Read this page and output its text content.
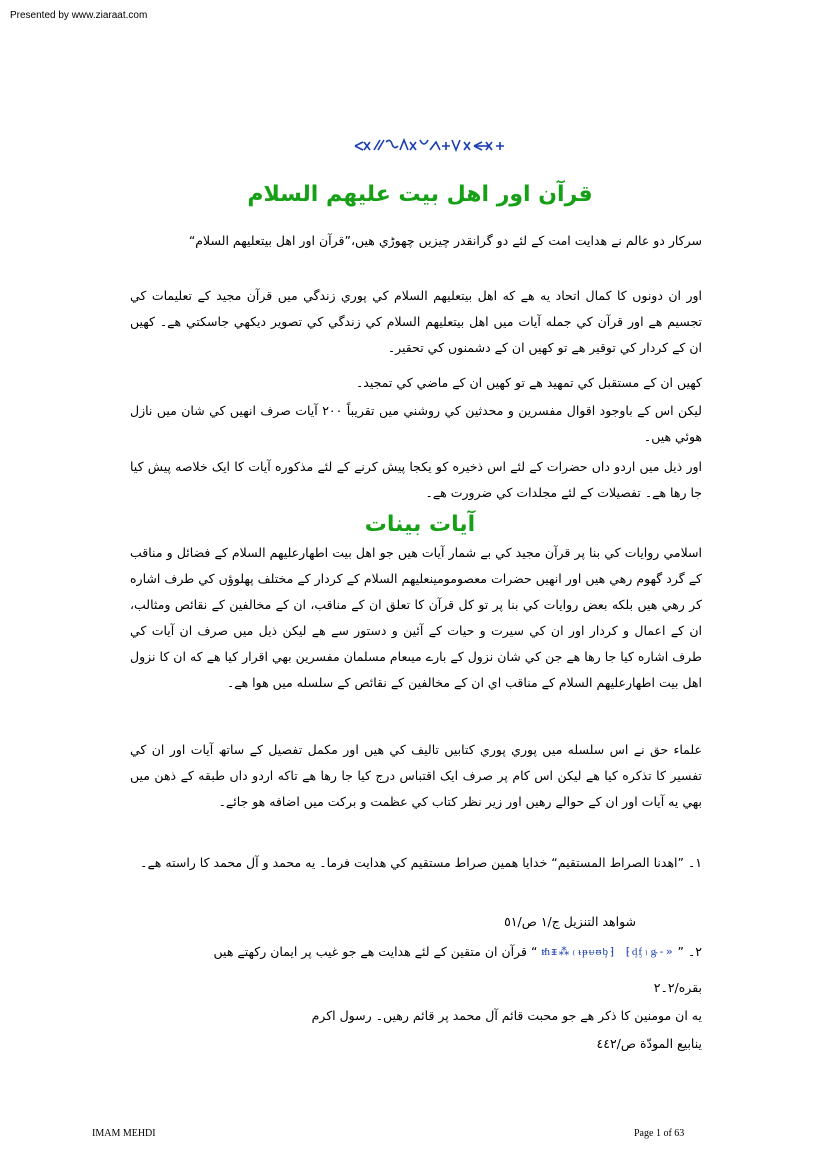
Presented by www.ziaraat.com
قرآن اور اهل بيت عليهم السلام
سرکار دو عالم نے هدايت امت کے لئے دو گرانقدر چيزيں چھوڑي هيں،”قرآن اور اهل بيتعليهم السلام“
اور ان دونوں کا کمال اتحاد يه هے که اهل بيتعليهم السلام کي پوري زندگي ميں قرآن مجيد کے تعليمات کي تجسيم هے اور قرآن کي جمله آيات ميں اهل بيتعليهم السلام کي زندگي کي تصوير ديکھي جاسکتي هے۔ کهيں ان کے کردار کي توقير هے تو کهيں ان کے دشمنوں کي تحقير۔
کهيں ان کے مستقبل کي تمهيد هے تو کهيں ان کے ماضي کي تمجيد۔
ليکن اس کے باوجود اقوال مفسرين و محدثين کي روشني ميں تقريباً ٢٠٠ آيات صرف انهيں کي شان ميں نازل هوئي هيں۔
اور ذيل ميں اردو داں حضرات کے لئے اس ذخيره کو يکجا پيش کرنے کے لئے مذکوره آيات کا ايک خلاصه پيش کيا جا رها هے۔ تفصيلات کے لئے مجلدات کي ضرورت هے۔
آيات بينات
اسلامي روايات کي بنا پر قرآن مجيد کي بے شمار آيات هيں جو اهل بيت اطهارعليهم السلام کے فضائل و مناقب کے گرد گھوم رهي هيں اور انهيں حضرات معصومومينعليهم السلام کے کردار کے مختلف پهلوؤں کي طرف اشاره کر رهي هيں بلکه بعض روايات کي بنا پر تو کل قرآن کا تعلق ان کے مناقب، ان کے مخالفين کے نقائص ومثالب، ان کے اعمال و کردار اور ان کي سيرت و حيات کے آئين و دستور سے هے ليکن ذيل ميں صرف ان آيات کي طرف اشاره کيا جا رها هے جن کي شان نزول کے بارے ميںعام مسلمان مفسرين بهي اقرار کيا هے که ان کا نزول اهل بيت اطهارعليهم السلام کے مناقب اي ان کے مخالفين کے نقائص کے سلسله ميں هوا هے۔
علماء حق نے اس سلسله ميں پوري پوري کتابيں تاليف کي هيں اور مکمل تفصيل کے ساتھ آيات اور ان کي تفسير کا تذکره کيا هے ليکن اس کام پر صرف ايک اقتباس درج کيا جا رها هے تاکه اردو داں طبقه کے ذهن ميں بهي يه آيات اور ان کے حوالے رهيں اور زير نظر کتاب کي عظمت و برکت ميں اضافه هو جائے۔
١۔ ”اهدنا الصراط المستقيم“ خدايا همين صراط مستقيم کي هدايت فرما۔ يه محمد و آل محمد کا راسته هے۔
شواهد التنزيل ج/١ ص/٥١
٢۔ ”
«-ᵺᵻ⁂₍ᵼᵽᵾᵿᶀ⁆ ⁅ᶁᶂ₎ᶃ
“ قرآن ان متقين کے لئے هدايت هے جو غيب پر ايمان رکھتے هيں
بقره/٢۔٢
يه ان مومنين کا ذکر هے جو محبت قائم آل محمد پر قائم رهيں۔ رسول اکرم
ينابيع المودّة ص/٤٤٢
IMAM MEHDI	Page 1 of 63
